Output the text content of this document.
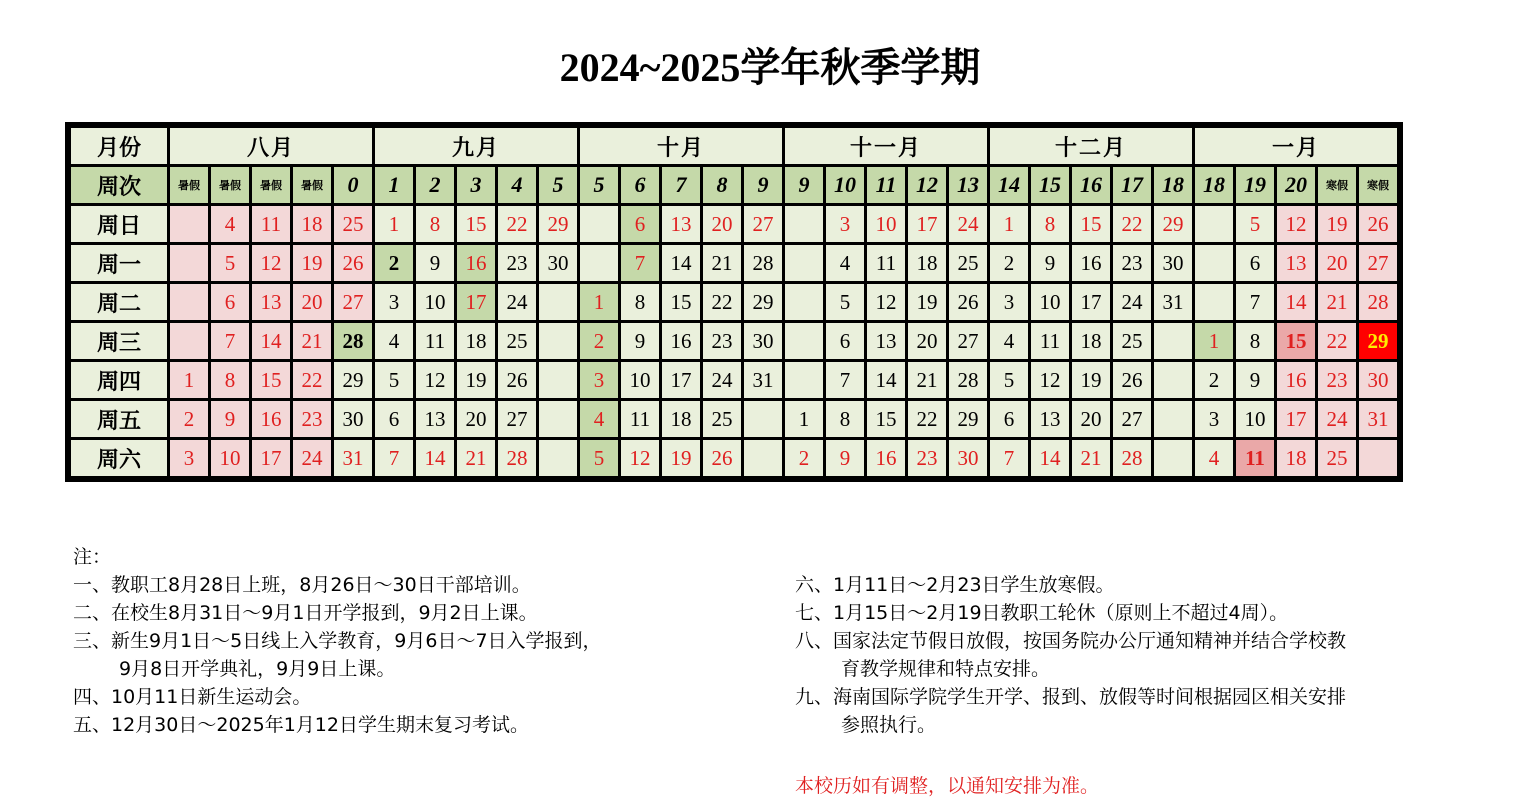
2024~2025学年秋季学期
月份	八月					九月					十月					十一月					十二月					一月				
周次	暑假	暑假	暑假	暑假	0	1	2	3	4	5	5	6	7	8	9	9	10	11	12	13	14	15	16	17	18	18	19	20	寒假	寒假
周日		4	11	18	25	1	8	15	22	29		6	13	20	27		3	10	17	24	1	8	15	22	29		5	12	19	26
周一		5	12	19	26	2	9	16	23	30		7	14	21	28		4	11	18	25	2	9	16	23	30		6	13	20	27
周二		6	13	20	27	3	10	17	24		1	8	15	22	29		5	12	19	26	3	10	17	24	31		7	14	21	28
周三		7	14	21	28	4	11	18	25		2	9	16	23	30		6	13	20	27	4	11	18	25		1	8	15	22	29
周四	1	8	15	22	29	5	12	19	26		3	10	17	24	31		7	14	21	28	5	12	19	26		2	9	16	23	30
周五	2	9	16	23	30	6	13	20	27		4	11	18	25		1	8	15	22	29	6	13	20	27		3	10	17	24	31
周六	3	10	17	24	31	7	14	21	28		5	12	19	26		2	9	16	23	30	7	14	21	28		4	11	18	25	
注：
一、教职工8月28日上班，8月26日～30日干部培训。
二、在校生8月31日～9月1日开学报到，9月2日上课。
三、新生9月1日～5日线上入学教育，9月6日～7日入学报到，
9月8日开学典礼，9月9日上课。
四、10月11日新生运动会。
五、12月30日～2025年1月12日学生期末复习考试。
六、1月11日～2月23日学生放寒假。
七、1月15日～2月19日教职工轮休（原则上不超过4周）。
八、国家法定节假日放假，按国务院办公厅通知精神并结合学校教
育教学规律和特点安排。
九、海南国际学院学生开学、报到、放假等时间根据园区相关安排
参照执行。
本校历如有调整，以通知安排为准。
